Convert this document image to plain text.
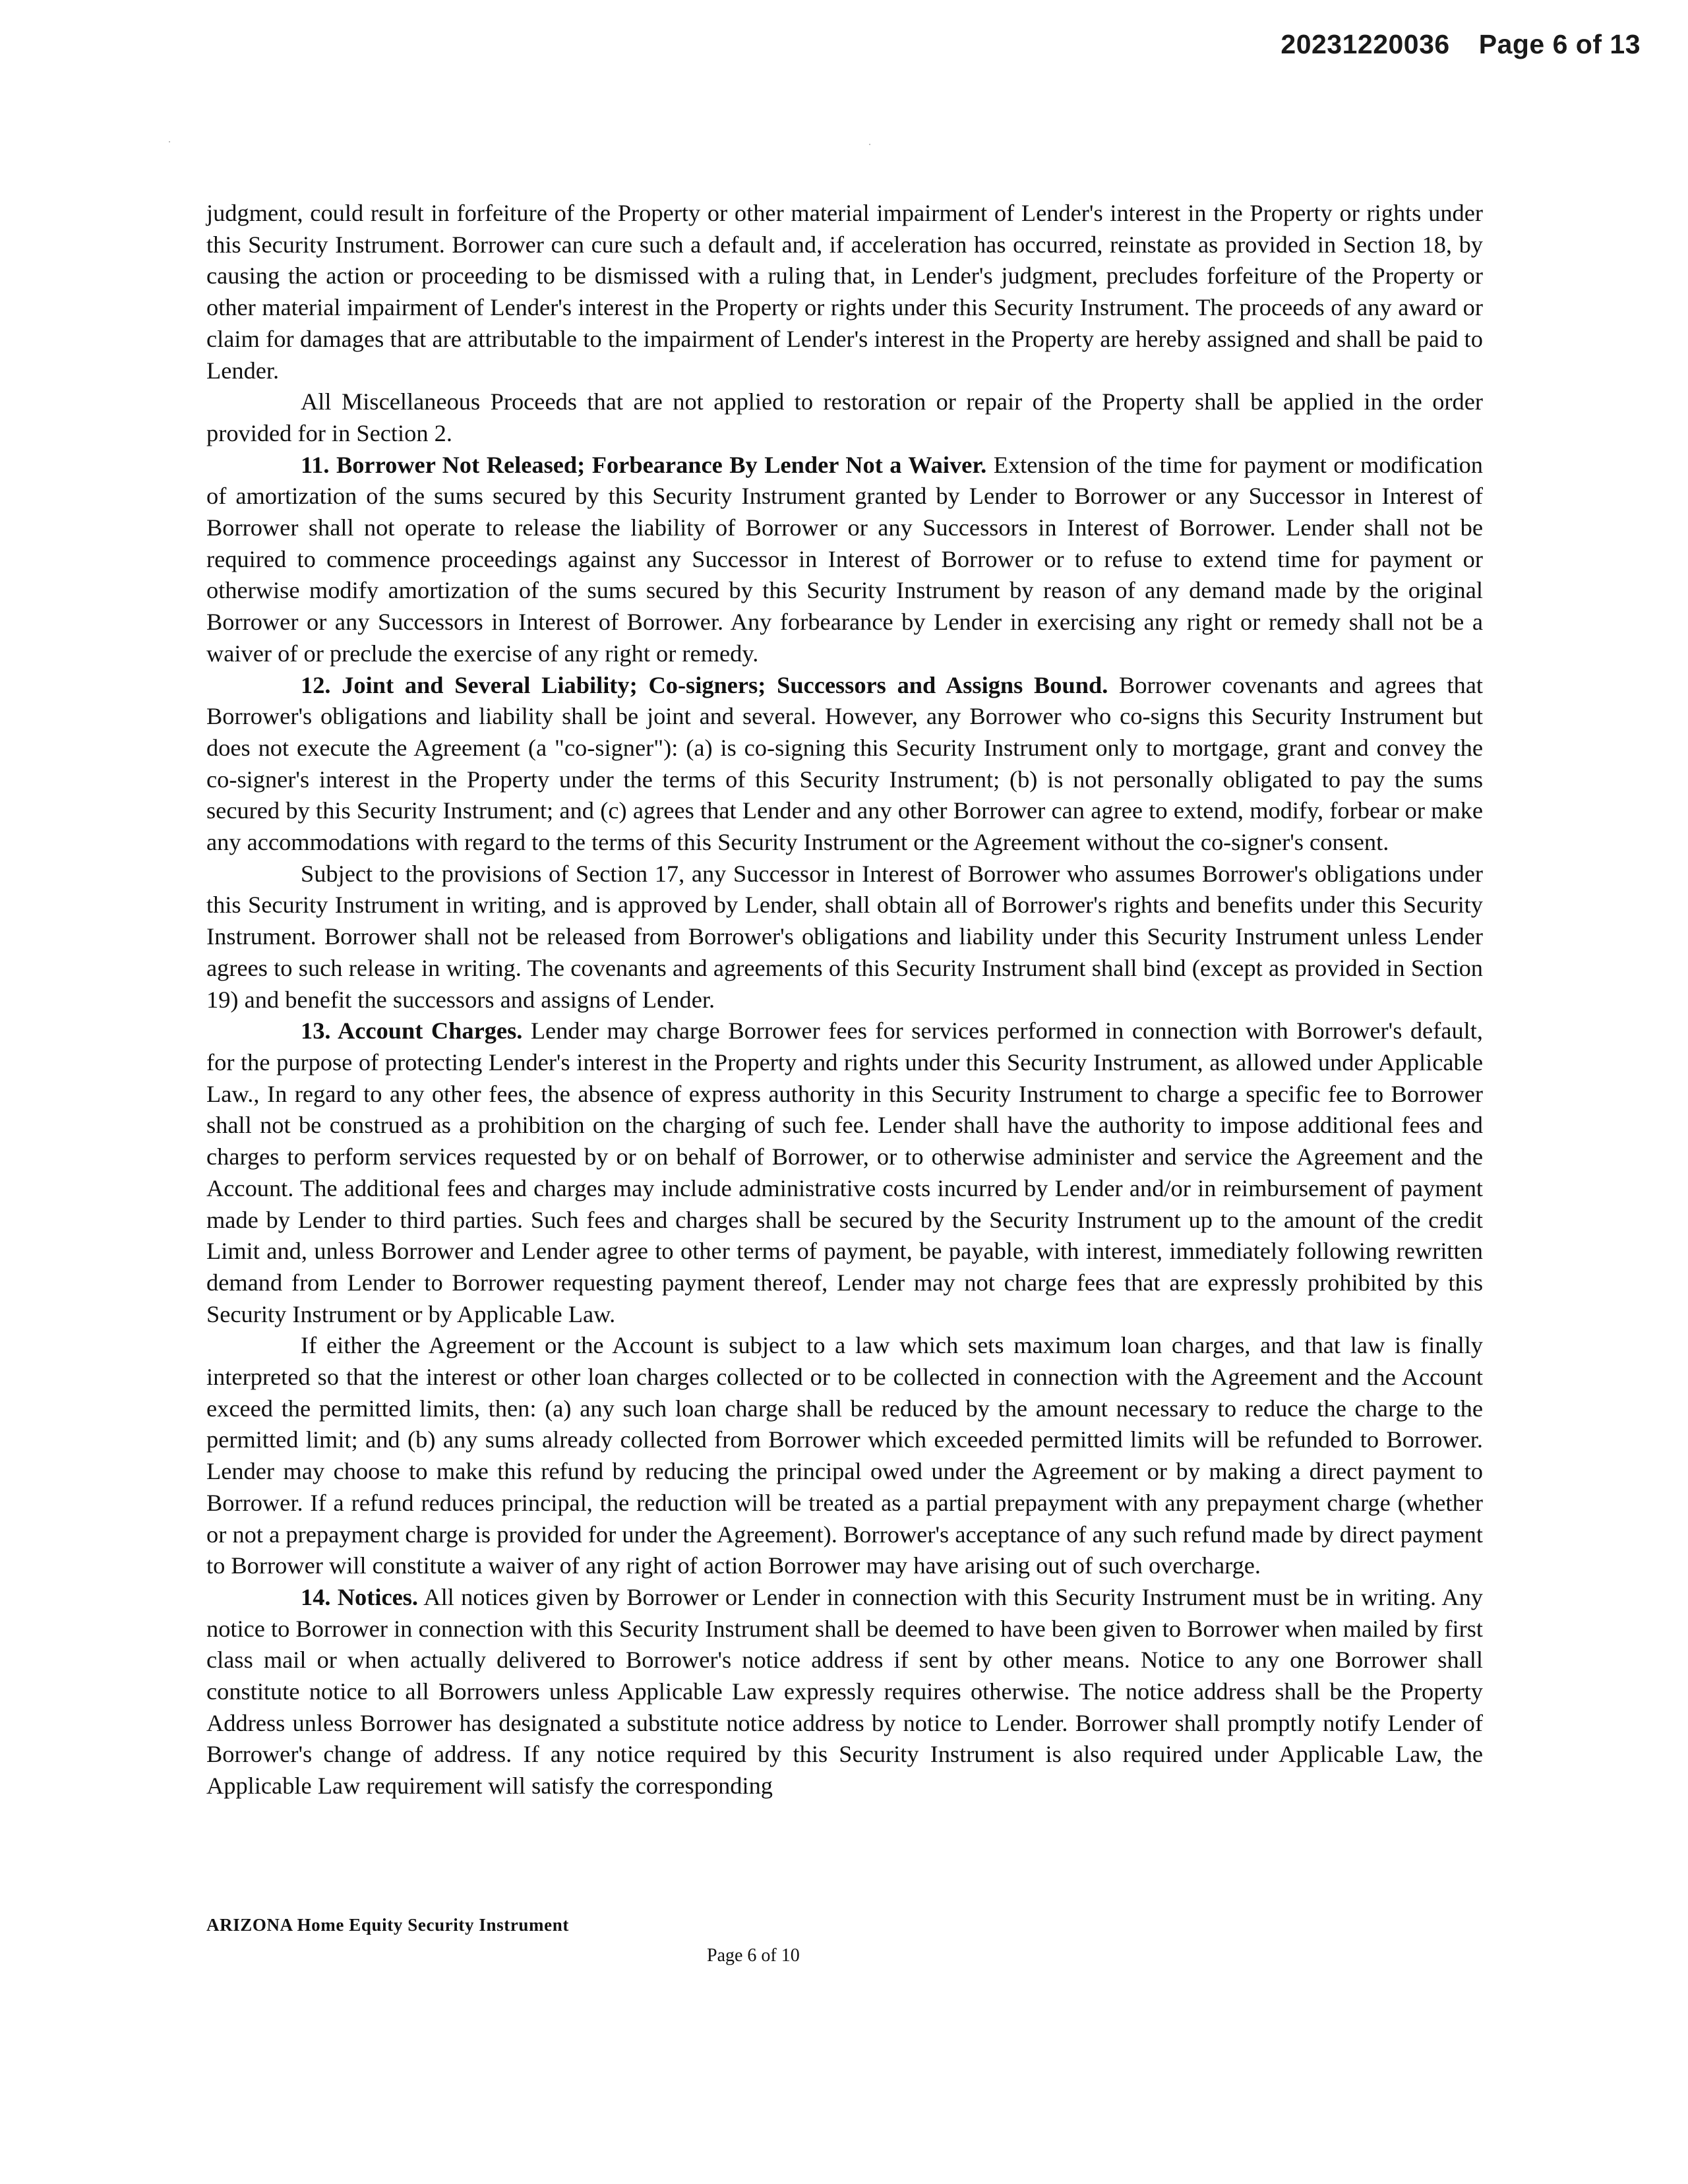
20231220036 Page 6 of 13

judgment, could result in forfeiture of the Property or other material impairment of Lender's interest in the Property or rights under this Security Instrument. Borrower can cure such a default and, if acceleration has occurred, reinstate as provided in Section 18, by causing the action or proceeding to be dismissed with a ruling that, in Lender's judgment, precludes forfeiture of the Property or other material impairment of Lender's interest in the Property or rights under this Security Instrument. The proceeds of any award or claim for damages that are attributable to the impairment of Lender's interest in the Property are hereby assigned and shall be paid to Lender.

All Miscellaneous Proceeds that are not applied to restoration or repair of the Property shall be applied in the order provided for in Section 2.

11. Borrower Not Released; Forbearance By Lender Not a Waiver. Extension of the time for payment or modification of amortization of the sums secured by this Security Instrument granted by Lender to Borrower or any Successor in Interest of Borrower shall not operate to release the liability of Borrower or any Successors in Interest of Borrower. Lender shall not be required to commence proceedings against any Successor in Interest of Borrower or to refuse to extend time for payment or otherwise modify amortization of the sums secured by this Security Instrument by reason of any demand made by the original Borrower or any Successors in Interest of Borrower. Any forbearance by Lender in exercising any right or remedy shall not be a waiver of or preclude the exercise of any right or remedy.

12. Joint and Several Liability; Co-signers; Successors and Assigns Bound. Borrower covenants and agrees that Borrower's obligations and liability shall be joint and several. However, any Borrower who co-signs this Security Instrument but does not execute the Agreement (a "co-signer"): (a) is co-signing this Security Instrument only to mortgage, grant and convey the co-signer's interest in the Property under the terms of this Security Instrument; (b) is not personally obligated to pay the sums secured by this Security Instrument; and (c) agrees that Lender and any other Borrower can agree to extend, modify, forbear or make any accommodations with regard to the terms of this Security Instrument or the Agreement without the co-signer's consent.

Subject to the provisions of Section 17, any Successor in Interest of Borrower who assumes Borrower's obligations under this Security Instrument in writing, and is approved by Lender, shall obtain all of Borrower's rights and benefits under this Security Instrument. Borrower shall not be released from Borrower's obligations and liability under this Security Instrument unless Lender agrees to such release in writing. The covenants and agreements of this Security Instrument shall bind (except as provided in Section 19) and benefit the successors and assigns of Lender.

13. Account Charges. Lender may charge Borrower fees for services performed in connection with Borrower's default, for the purpose of protecting Lender's interest in the Property and rights under this Security Instrument, as allowed under Applicable Law., In regard to any other fees, the absence of express authority in this Security Instrument to charge a specific fee to Borrower shall not be construed as a prohibition on the charging of such fee. Lender shall have the authority to impose additional fees and charges to perform services requested by or on behalf of Borrower, or to otherwise administer and service the Agreement and the Account. The additional fees and charges may include administrative costs incurred by Lender and/or in reimbursement of payment made by Lender to third parties. Such fees and charges shall be secured by the Security Instrument up to the amount of the credit Limit and, unless Borrower and Lender agree to other terms of payment, be payable, with interest, immediately following rewritten demand from Lender to Borrower requesting payment thereof, Lender may not charge fees that are expressly prohibited by this Security Instrument or by Applicable Law.

If either the Agreement or the Account is subject to a law which sets maximum loan charges, and that law is finally interpreted so that the interest or other loan charges collected or to be collected in connection with the Agreement and the Account exceed the permitted limits, then: (a) any such loan charge shall be reduced by the amount necessary to reduce the charge to the permitted limit; and (b) any sums already collected from Borrower which exceeded permitted limits will be refunded to Borrower. Lender may choose to make this refund by reducing the principal owed under the Agreement or by making a direct payment to Borrower. If a refund reduces principal, the reduction will be treated as a partial prepayment with any prepayment charge (whether or not a prepayment charge is provided for under the Agreement). Borrower's acceptance of any such refund made by direct payment to Borrower will constitute a waiver of any right of action Borrower may have arising out of such overcharge.

14. Notices. All notices given by Borrower or Lender in connection with this Security Instrument must be in writing. Any notice to Borrower in connection with this Security Instrument shall be deemed to have been given to Borrower when mailed by first class mail or when actually delivered to Borrower's notice address if sent by other means. Notice to any one Borrower shall constitute notice to all Borrowers unless Applicable Law expressly requires otherwise. The notice address shall be the Property Address unless Borrower has designated a substitute notice address by notice to Lender. Borrower shall promptly notify Lender of Borrower's change of address. If any notice required by this Security Instrument is also required under Applicable Law, the Applicable Law requirement will satisfy the corresponding

ARIZONA Home Equity Security Instrument
Page 6 of 10
